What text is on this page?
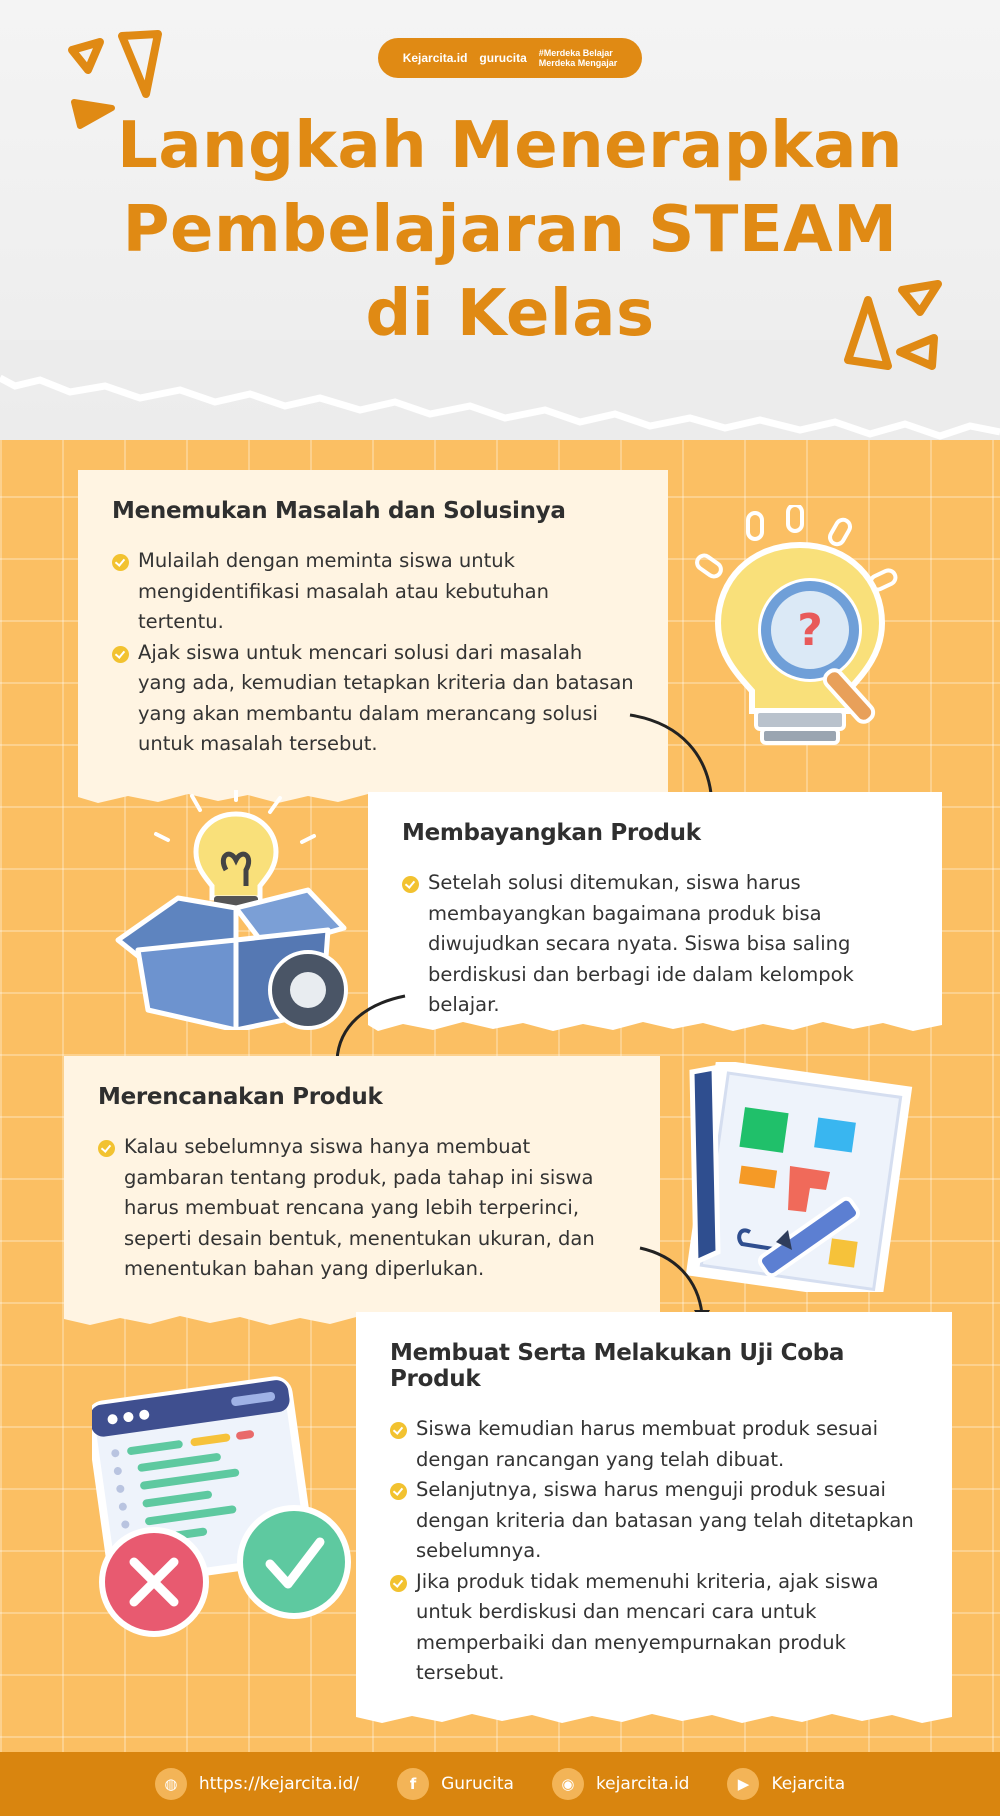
Kejarcita.id gurucita #Merdeka Belajar
Merdeka Mengajar
Langkah Menerapkan
Pembelajaran STEAM
di Kelas
Menemukan Masalah dan Solusinya
Mulailah dengan meminta siswa untuk mengidentifikasi masalah atau kebutuhan tertentu.
Ajak siswa untuk mencari solusi dari masalah yang ada, kemudian tetapkan kriteria dan batasan yang akan membantu dalam merancang solusi untuk masalah tersebut.
?
Membayangkan Produk
Setelah solusi ditemukan, siswa harus membayangkan bagaimana produk bisa diwujudkan secara nyata. Siswa bisa saling berdiskusi dan berbagi ide dalam kelompok belajar.
Merencanakan Produk
Kalau sebelumnya siswa hanya membuat gambaran tentang produk, pada tahap ini siswa harus membuat rencana yang lebih terperinci, seperti desain bentuk, menentukan ukuran, dan menentukan bahan yang diperlukan.
Membuat Serta Melakukan Uji Coba Produk
Siswa kemudian harus membuat produk sesuai dengan rancangan yang telah dibuat.
Selanjutnya, siswa harus menguji produk sesuai dengan kriteria dan batasan yang telah ditetapkan sebelumnya.
Jika produk tidak memenuhi kriteria, ajak siswa untuk berdiskusi dan mencari cara untuk memperbaiki dan menyempurnakan produk tersebut.
◍	https://kejarcita.id/	f	Gurucita	◉	kejarcita.id	▶	Kejarcita
